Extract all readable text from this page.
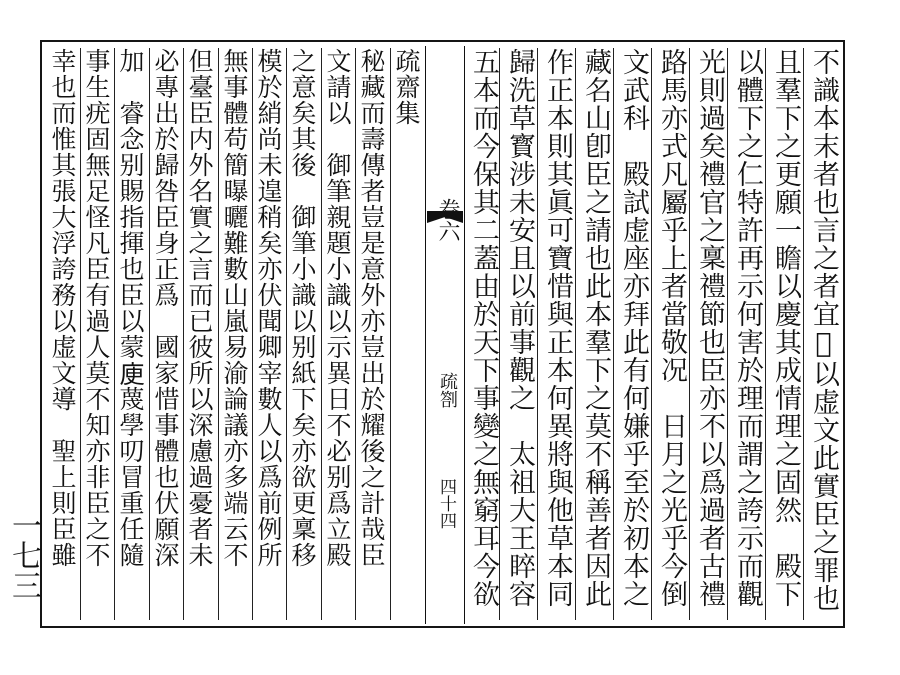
不識本末者也言之者宜𣈆以虚文此實臣之罪也
且羣下之更願一瞻以慶其成情理之固然　殿下
以體下之仁特許再示何害於理而謂之誇示而觀
光則過矣禮官之稟禮節也臣亦不以爲過者古禮
路馬亦式凡屬乎上者當敬况　日月之光乎今倒
文武科　殿試虚座亦拜此有何嫌乎至於初本之
藏名山卽臣之請也此本羣下之莫不稱善者因此
作正本則其眞可寶惜與正本何異將與他草本同
歸洗草寳涉未安且以前事觀之　太祖大王睟容
五本而今保其二蓋由於天下事變之無窮耳今欲
卷六
疏劄
四十四
秘藏而壽傳者豈是意外亦豈出於耀後之計哉臣
文請以　御筆親題小識以示異日不必别爲立殿
之意矣其後　御筆小識以别紙下矣亦欲更稟移
模於綃尚未遑稍矣亦伏聞卿宰數人以爲前例所
無事體苟簡曝曬難數山嵐易渝論議亦多端云不
但臺臣内外名實之言而已彼所以深慮過憂者未
必專出於歸咎臣身正爲　國家惜事體也伏願深
加　睿念别賜指揮也臣以蒙𢈔蔑學叨冒重任隨
事生疣固無足怪凡臣有過人莫不知亦非臣之不
幸也而惟其張大浮誇務以虚文導　聖上則臣雖
一七三
疏齋集
